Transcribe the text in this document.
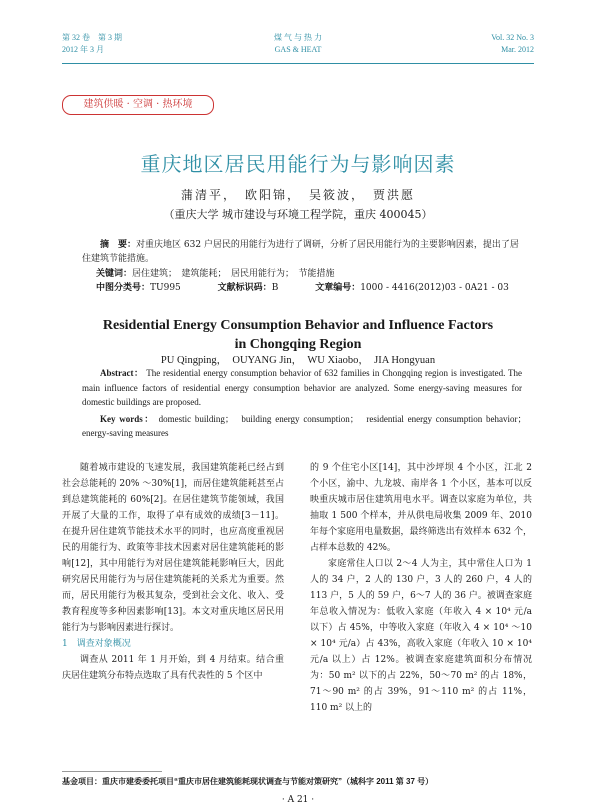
第 32 卷　第 3 期
2012 年 3 月
煤 气 与 热 力
GAS & HEAT
Vol. 32 No. 3
Mar. 2012
建筑供暖 · 空调 · 热环境
重庆地区居民用能行为与影响因素
蒲清平，　欧阳锦，　吴筱波，　贾洪愿
（重庆大学 城市建设与环境工程学院，重庆 400045）
摘　要：对重庆地区 632 户居民的用能行为进行了调研，分析了居民用能行为的主要影响因素，提出了居住建筑节能措施。
关键词：居住建筑；　建筑能耗；　居民用能行为；　节能措施
中图分类号：TU995	文献标识码：B	文章编号：1000 - 4416(2012)03 - 0A21 - 03
Residential Energy Consumption Behavior and Influence Factors
in Chongqing Region
PU Qingping，　OUYANG Jin，　WU Xiaobo，　JIA Hongyuan
Abstract： The residential energy consumption behavior of 632 families in Chongqing region is investigated. The main influence factors of residential energy consumption behavior are analyzed. Some energy-saving measures for domestic buildings are proposed.
Key words： domestic building；　building energy consumption；　residential energy consumption behavior；　energy-saving measures

随着城市建设的飞速发展，我国建筑能耗已经占到社会总能耗的 20% ～30%[1]，而居住建筑能耗甚至占到总建筑能耗的 60%[2]。在居住建筑节能领域，我国开展了大量的工作，取得了卓有成效的成绩[3－11]。在提升居住建筑节能技术水平的同时，也应高度重视居民的用能行为、政策等非技术因素对居住建筑能耗的影响[12]，其中用能行为对居住建筑能耗影响巨大，因此研究居民用能行为与居住建筑能耗的关系尤为重要。然而，居民用能行为极其复杂，受到社会文化、收入、受教育程度等多种因素影响[13]。本文对重庆地区居民用能行为与影响因素进行探讨。

1　调查对象概况

调查从 2011 年 1 月开始，到 4 月结束。结合重庆居住建筑分布特点选取了具有代表性的 5 个区中

的 9 个住宅小区[14]，其中沙坪坝 4 个小区，江北 2 个小区，渝中、九龙坡、南岸各 1 个小区，基本可以反映重庆城市居住建筑用电水平。调查以家庭为单位，共抽取 1 500 个样本，并从供电局收集 2009 年、2010 年每个家庭用电量数据，最终筛选出有效样本 632 个，占样本总数的 42%。

家庭常住人口以 2～4 人为主，其中常住人口为 1 人的 34 户，2 人的 130 户，3 人的 260 户，4 人的 113 户，5 人的 59 户，6～7 人的 36 户。被调查家庭年总收入情况为：低收入家庭（年收入 4 × 10⁴ 元/a 以下）占 45%，中等收入家庭（年收入 4 × 10⁴ ～10 × 10⁴ 元/a）占 43%，高收入家庭（年收入 10 × 10⁴ 元/a 以上）占 12%。被调查家庭建筑面积分布情况为：50 m² 以下的占 22%，50～70 m² 的占 18%，71～90 m² 的占 39%，91～110 m² 的占 11%，110 m² 以上的

基金项目：重庆市建委委托项目“重庆市居住建筑能耗现状调查与节能对策研究”（城科字 2011 第 37 号）
· A 21 ·
